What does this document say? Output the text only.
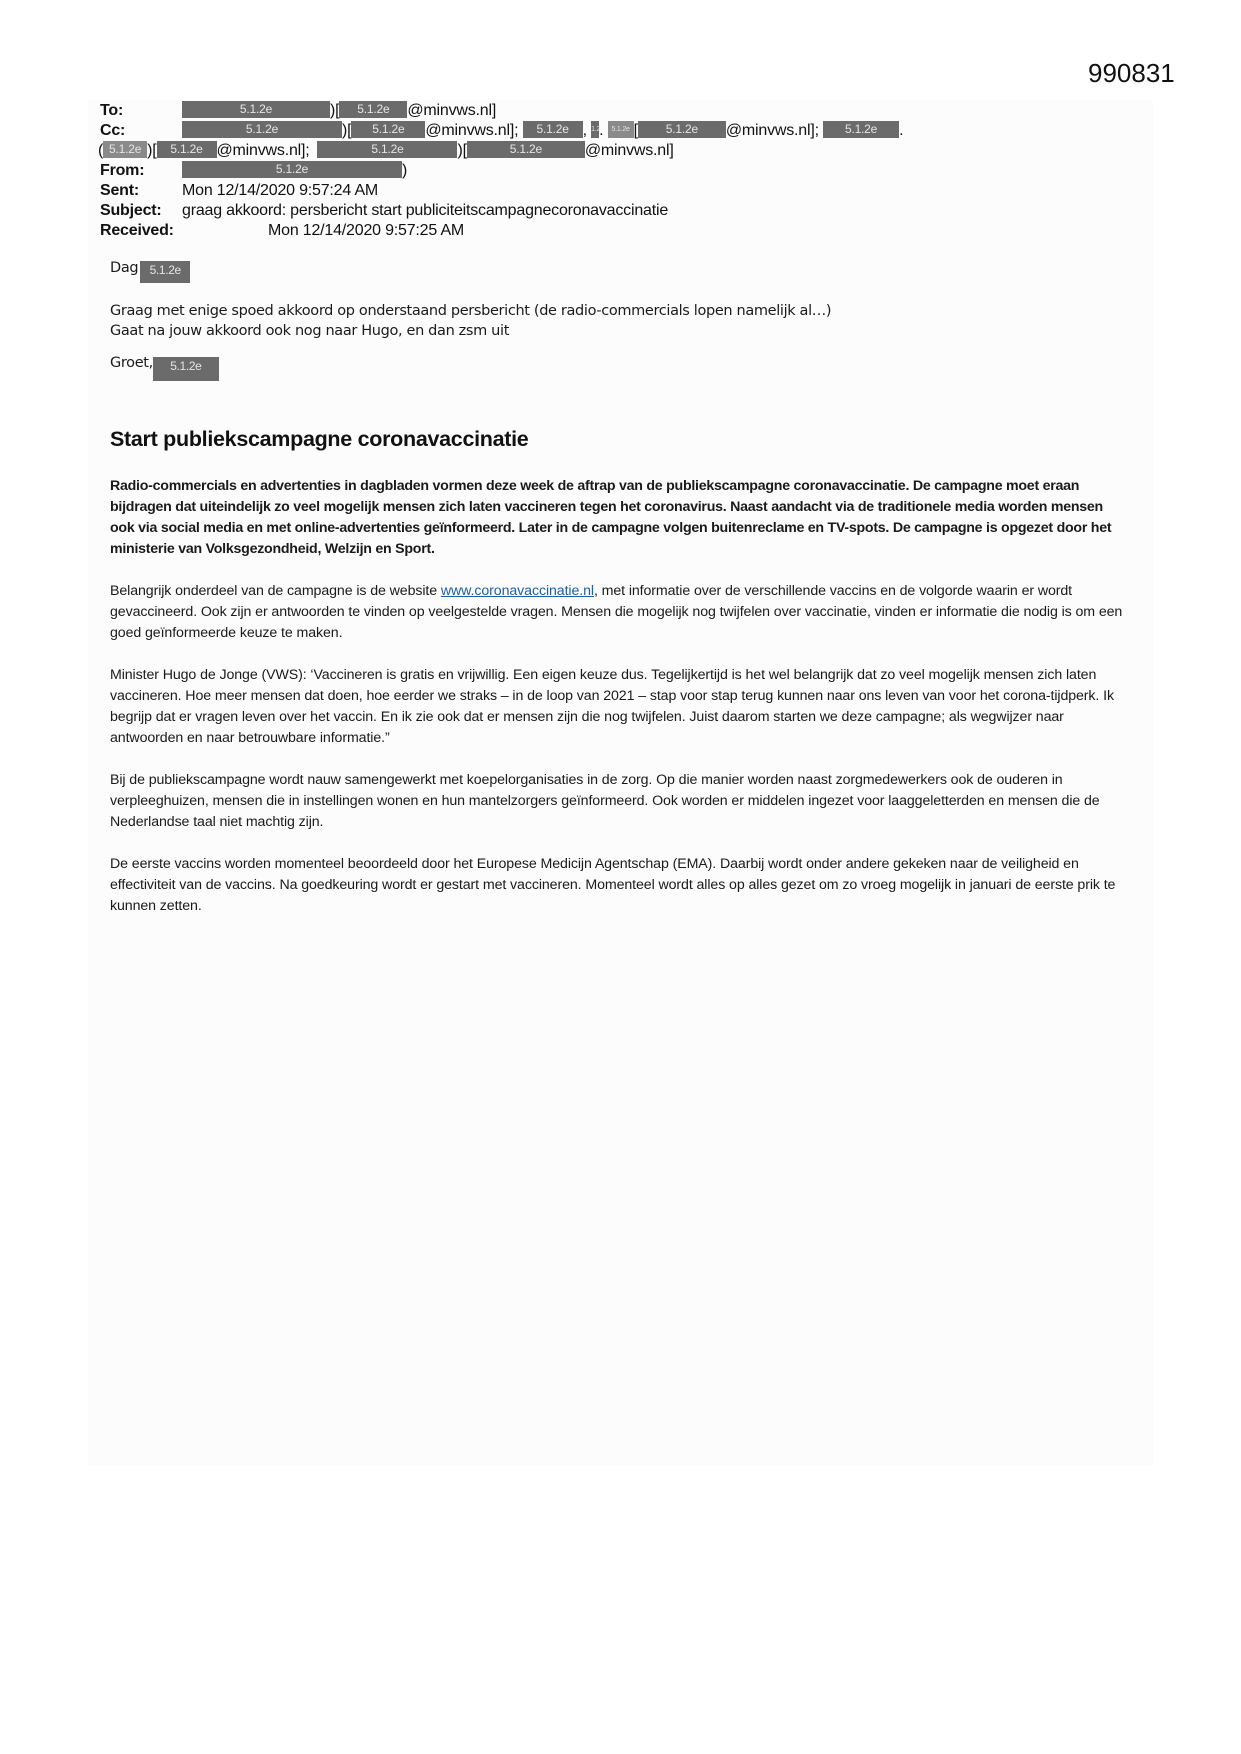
990831
To:	5.1.2e	)[ 5.1.2e @minvws.nl]
Cc:	5.1.2e	)[ 5.1.2e @minvws.nl]; 5.1.2e , 1.2. 5.1.2e [ 5.1.2e @minvws.nl]; 5.1.2e .
( 5.1.2e )[ 5.1.2e @minvws.nl];	5.1.2e	)[	5.1.2e	@minvws.nl]
From:	5.1.2e	)
Sent:	Mon 12/14/2020 9:57:24 AM
Subject: graag akkoord: persbericht start publiciteitscampagnecoronavaccinatie
Received:	Mon 12/14/2020 9:57:25 AM

Dag 5.1.2e

Graag met enige spoed akkoord op onderstaand persbericht (de radio-commercials lopen namelijk al…)

Gaat na jouw akkoord ook nog naar Hugo, en dan zsm uit

Groet, 5.1.2e

Start publiekscampagne coronavaccinatie

Radio-commercials en advertenties in dagbladen vormen deze week de aftrap van de publiekscampagne coronavaccinatie. De campagne moet eraan bijdragen dat uiteindelijk zo veel mogelijk mensen zich laten vaccineren tegen het coronavirus. Naast aandacht via de traditionele media worden mensen ook via social media en met online-advertenties geïnformeerd. Later in de campagne volgen buitenreclame en TV-spots. De campagne is opgezet door het ministerie van Volksgezondheid, Welzijn en Sport.

Belangrijk onderdeel van de campagne is de website www.coronavaccinatie.nl, met informatie over de verschillende vaccins en de volgorde waarin er wordt gevaccineerd. Ook zijn er antwoorden te vinden op veelgestelde vragen. Mensen die mogelijk nog twijfelen over vaccinatie, vinden er informatie die nodig is om een goed geïnformeerde keuze te maken.

Minister Hugo de Jonge (VWS): ‘Vaccineren is gratis en vrijwillig. Een eigen keuze dus. Tegelijkertijd is het wel belangrijk dat zo veel mogelijk mensen zich laten vaccineren. Hoe meer mensen dat doen, hoe eerder we straks – in de loop van 2021 – stap voor stap terug kunnen naar ons leven van voor het corona-tijdperk. Ik begrijp dat er vragen leven over het vaccin. En ik zie ook dat er mensen zijn die nog twijfelen. Juist daarom starten we deze campagne; als wegwijzer naar antwoorden en naar betrouwbare informatie.”

Bij de publiekscampagne wordt nauw samengewerkt met koepelorganisaties in de zorg. Op die manier worden naast zorgmedewerkers ook de ouderen in verpleeghuizen, mensen die in instellingen wonen en hun mantelzorgers geïnformeerd. Ook worden er middelen ingezet voor laaggeletterden en mensen die de Nederlandse taal niet machtig zijn.

De eerste vaccins worden momenteel beoordeeld door het Europese Medicijn Agentschap (EMA). Daarbij wordt onder andere gekeken naar de veiligheid en effectiviteit van de vaccins. Na goedkeuring wordt er gestart met vaccineren. Momenteel wordt alles op alles gezet om zo vroeg mogelijk in januari de eerste prik te kunnen zetten.
